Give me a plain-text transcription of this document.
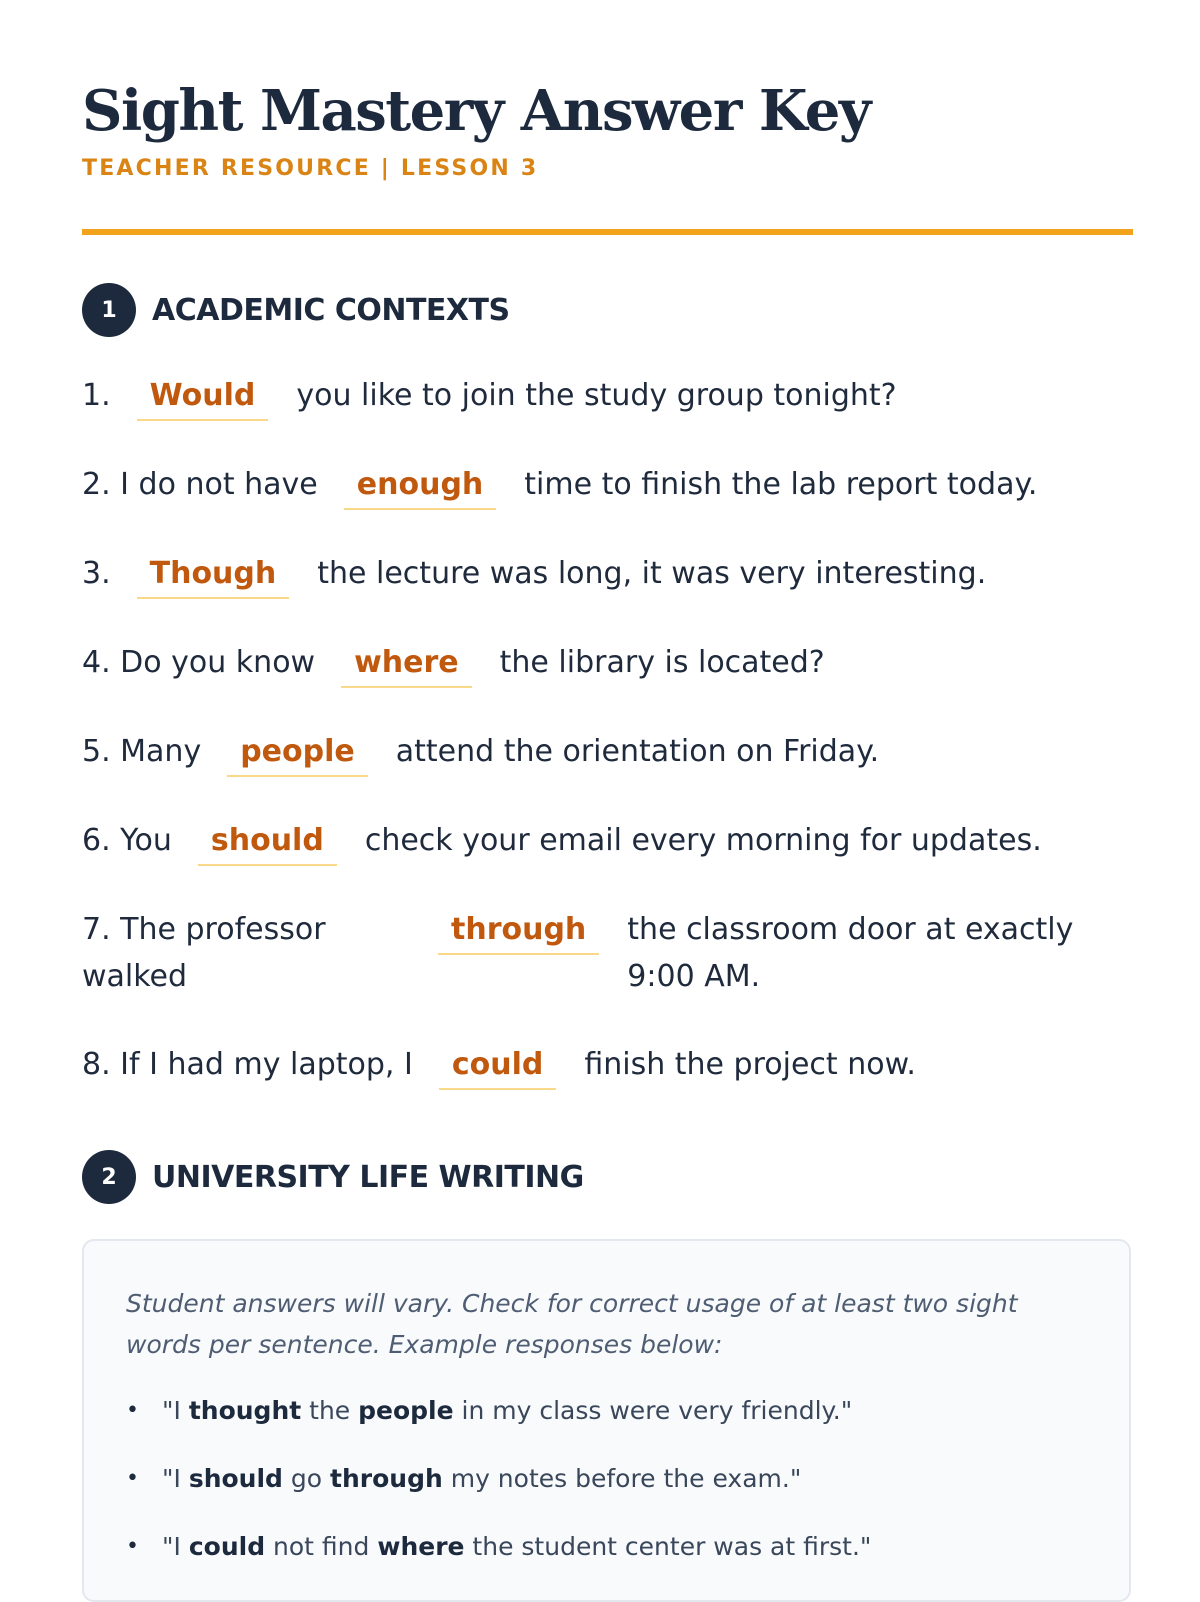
Sight Mastery Answer Key
TEACHER RESOURCE | LESSON 3
1	ACADEMIC CONTEXTS
1.	Would	you like to join the study group tonight?
2. I do not have	enough	time to finish the lab report today.
3.	Though	the lecture was long, it was very interesting.
4. Do you know	where	the library is located?
5. Many	people	attend the orientation on Friday.
6. You	should	check your email every morning for updates.
7. The professor walked
through	the classroom door at exactly 9:00 AM.
8. If I had my laptop, I	could	finish the project now.
2	UNIVERSITY LIFE WRITING
Student answers will vary. Check for correct usage of at least two sight words per sentence. Example responses below:
• "I thought the people in my class were very friendly."
• "I should go through my notes before the exam."
• "I could not find where the student center was at first."
